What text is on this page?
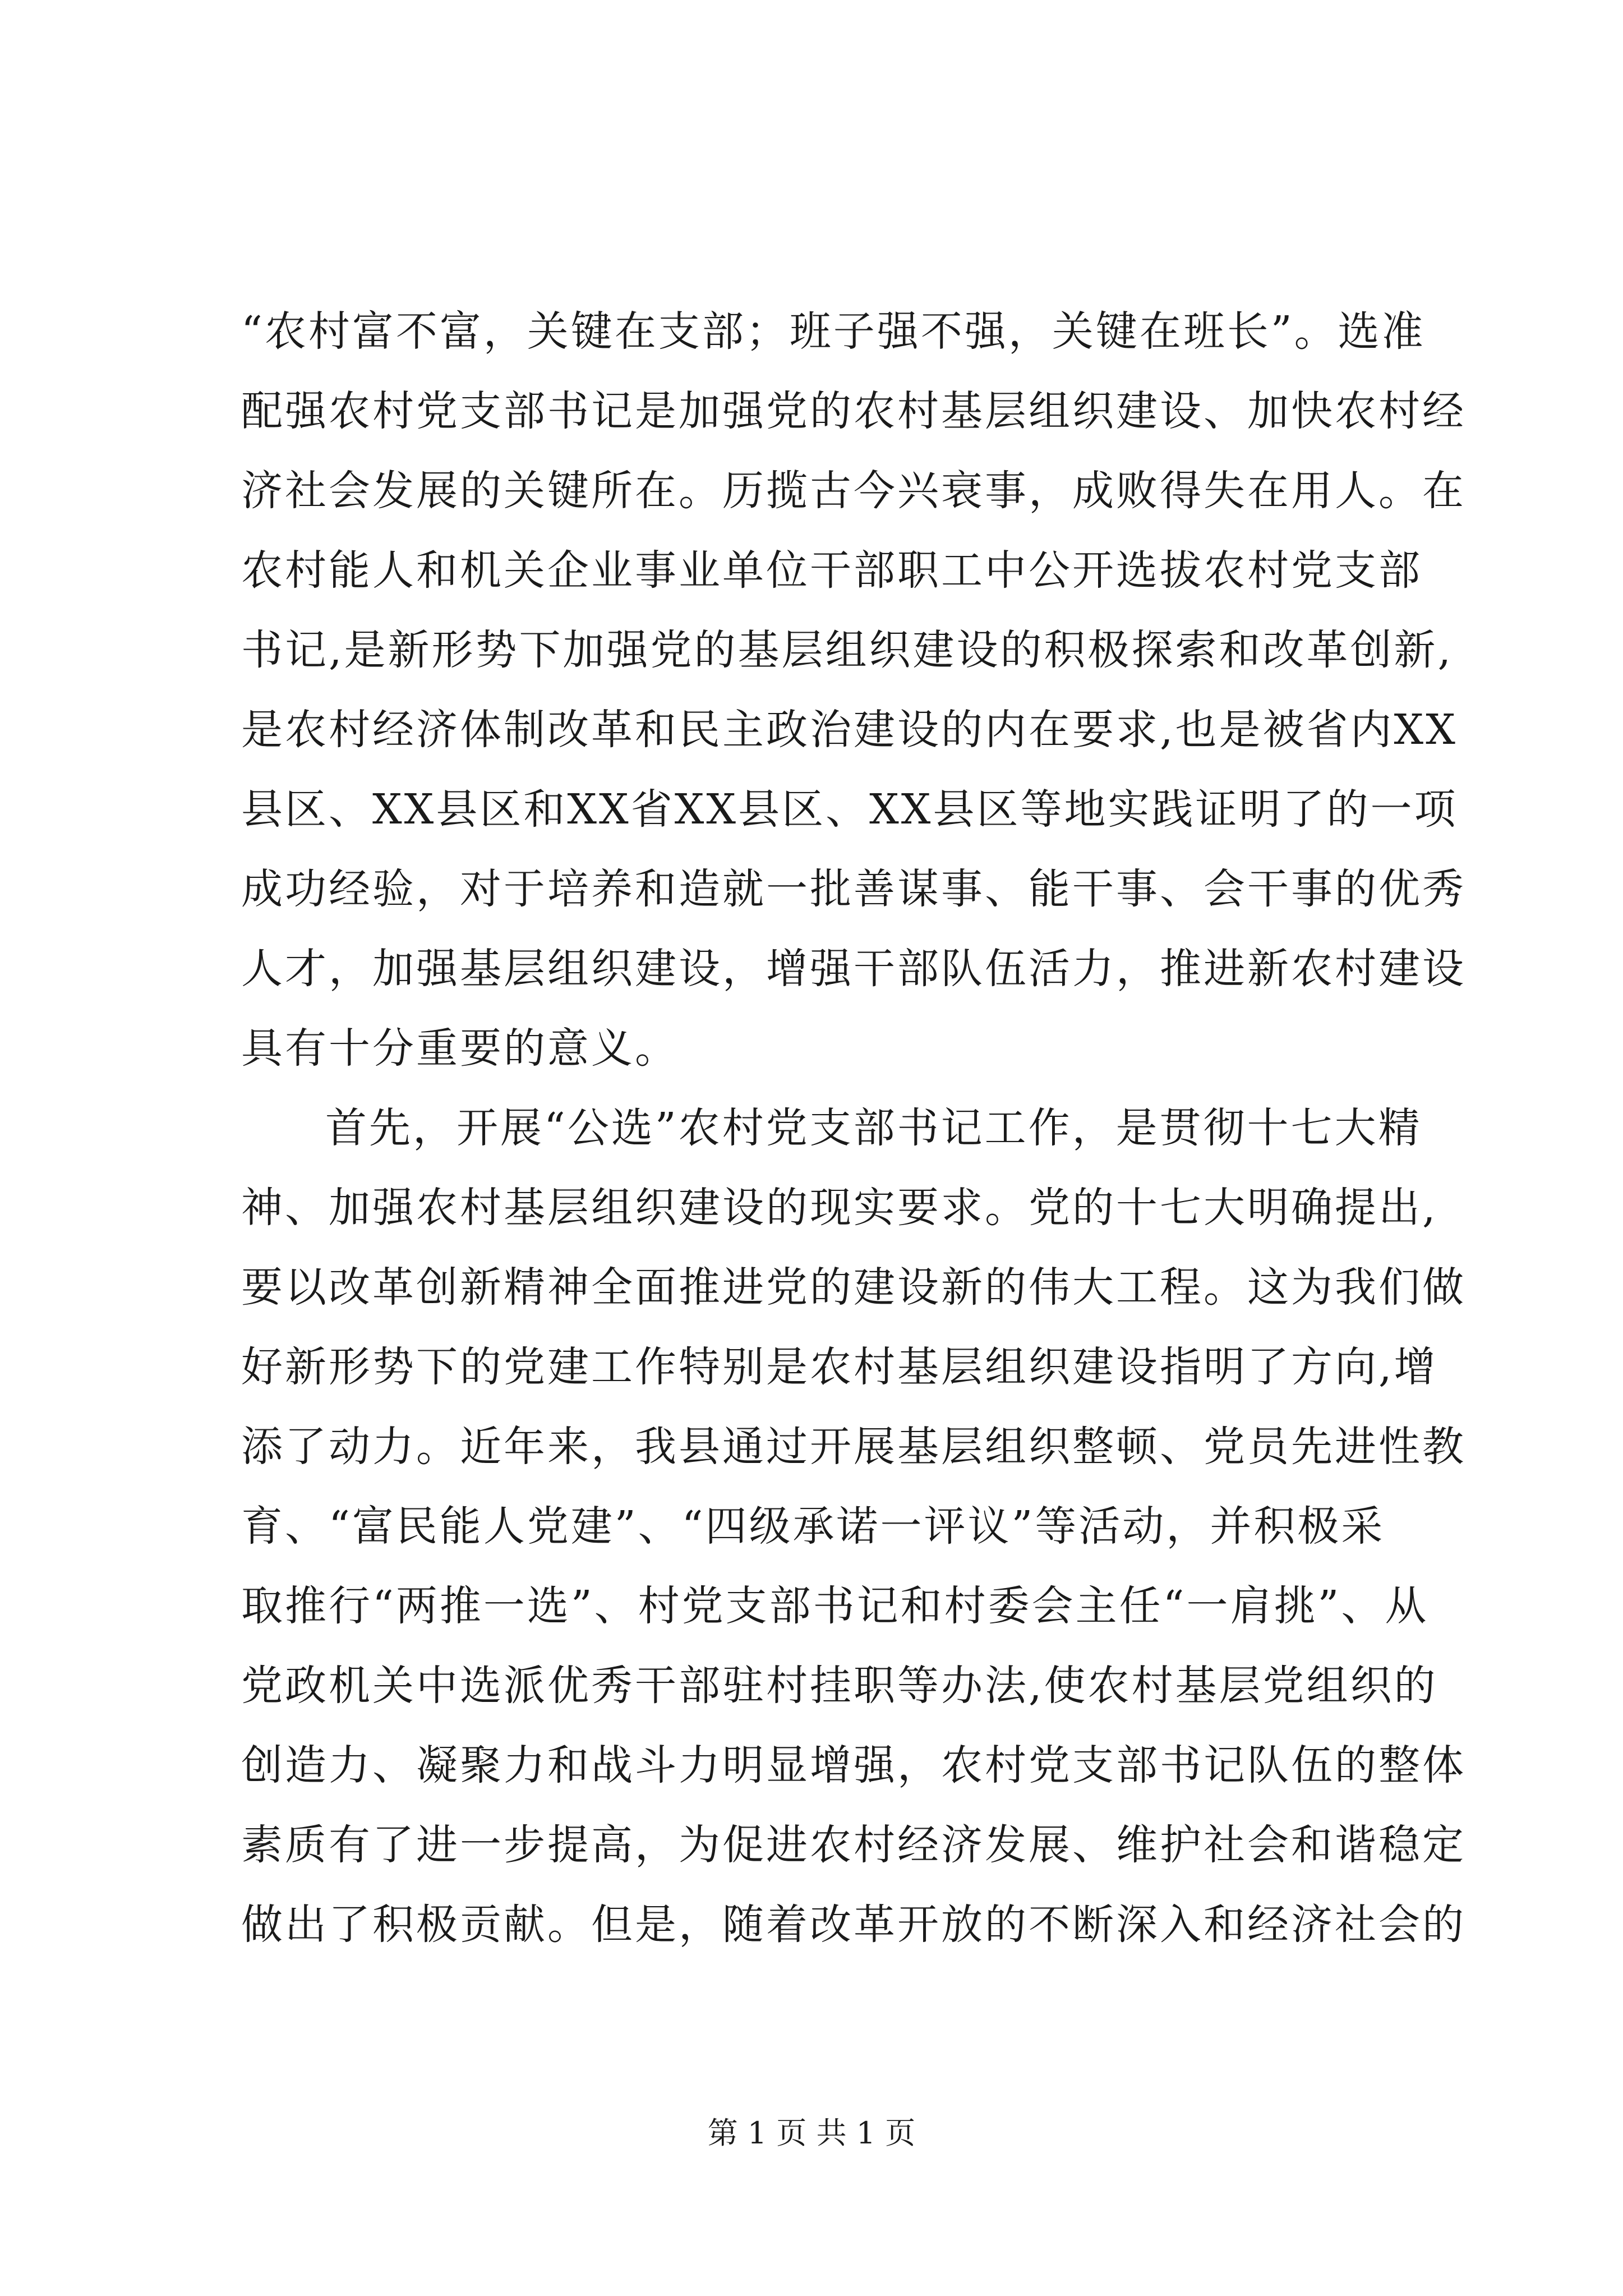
“农村富不富，关键在支部；班子强不强，关键在班长”。选准
配强农村党支部书记是加强党的农村基层组织建设、加快农村经
济社会发展的关键所在。历揽古今兴衰事，成败得失在用人。在
农村能人和机关企业事业单位干部职工中公开选拔农村党支部
书记,是新形势下加强党的基层组织建设的积极探索和改革创新,
是农村经济体制改革和民主政治建设的内在要求,也是被省内XX
县区、XX县区和XX省XX县区、XX县区等地实践证明了的一项
成功经验，对于培养和造就一批善谋事、能干事、会干事的优秀
人才，加强基层组织建设，增强干部队伍活力，推进新农村建设
具有十分重要的意义。
首先，开展“公选”农村党支部书记工作，是贯彻十七大精
神、加强农村基层组织建设的现实要求。党的十七大明确提出,
要以改革创新精神全面推进党的建设新的伟大工程。这为我们做
好新形势下的党建工作特别是农村基层组织建设指明了方向,增
添了动力。近年来，我县通过开展基层组织整顿、党员先进性教
育、“富民能人党建”、“四级承诺一评议”等活动，并积极采
取推行“两推一选”、村党支部书记和村委会主任“一肩挑”、从
党政机关中选派优秀干部驻村挂职等办法,使农村基层党组织的
创造力、凝聚力和战斗力明显增强，农村党支部书记队伍的整体
素质有了进一步提高，为促进农村经济发展、维护社会和谐稳定
做出了积极贡献。但是，随着改革开放的不断深入和经济社会的
第 1 页 共 1 页
